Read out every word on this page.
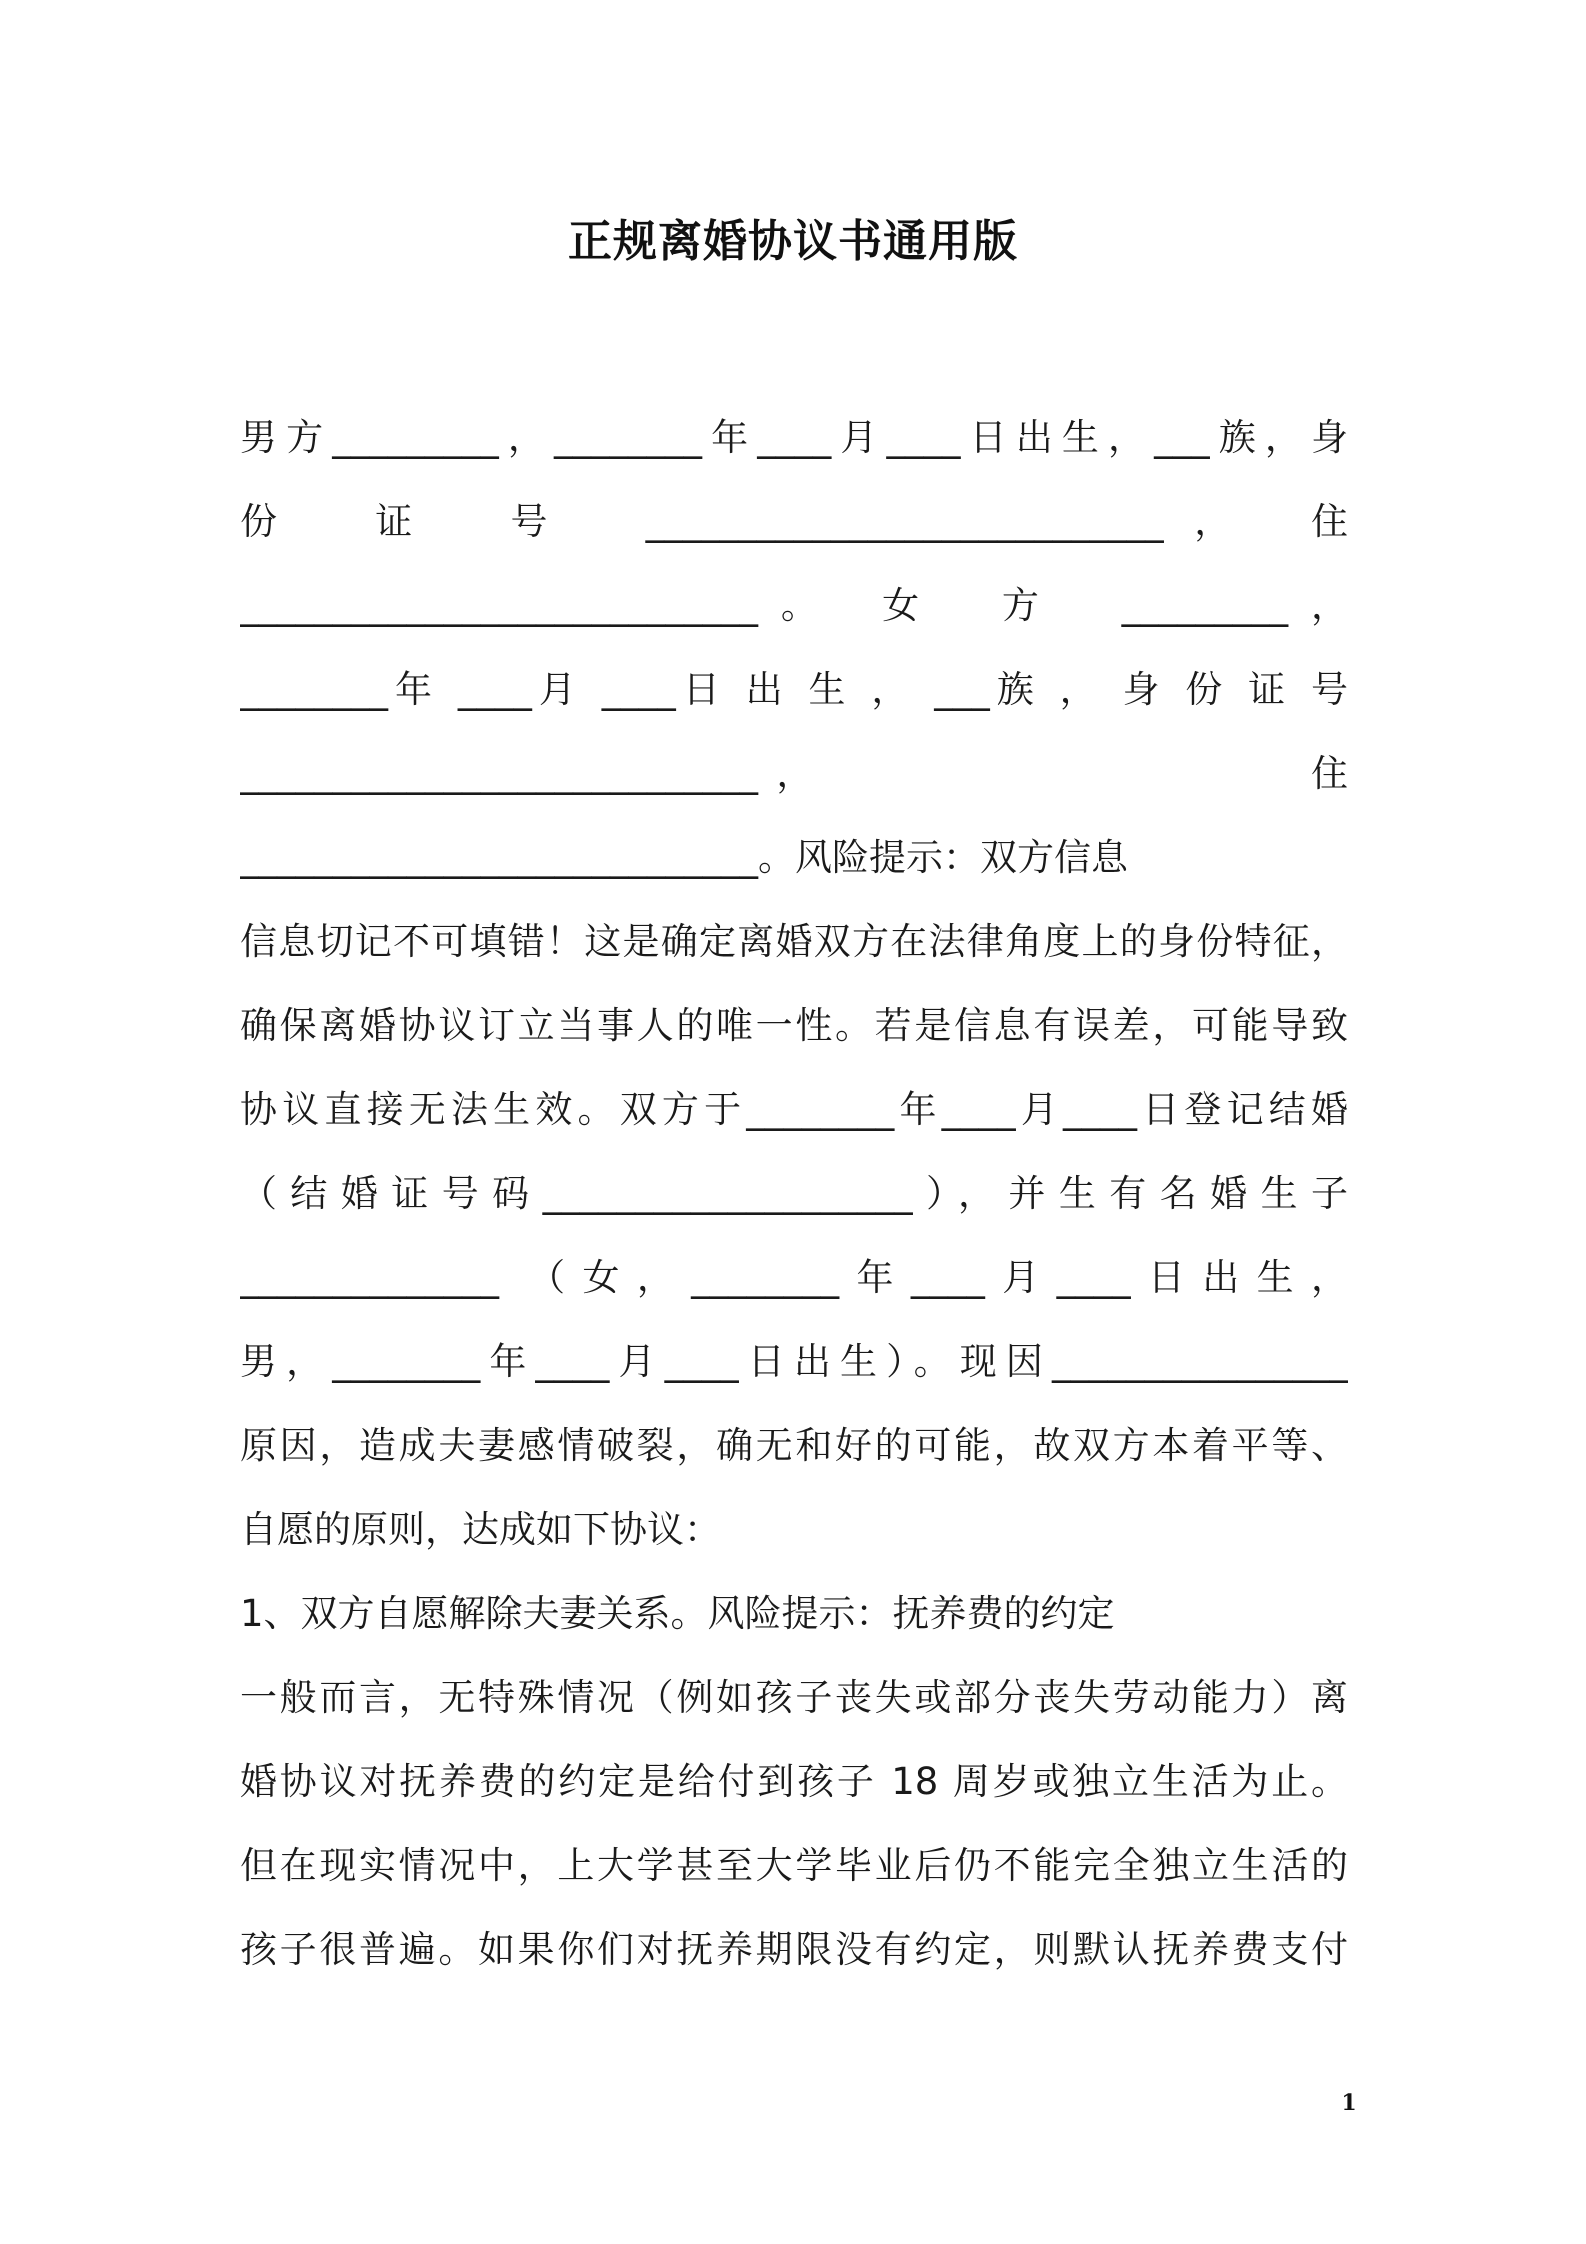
正规离婚协议书通用版
男方_________，________年____月____日出生，___族，身
份　证　号　____________________________，　住
____________________________。　女　方　_________，
________年 ____月 ____日 出 生 ， ___族 ， 身 份 证 号
____________________________，　　　　　　　　　住
____________________________。风险提示：双方信息
信息切记不可填错！这是确定离婚双方在法律角度上的身份特征，
确保离婚协议订立当事人的唯一性。若是信息有误差，可能导致
协议直接无法生效。双方于________年____月____日登记结婚
（结婚证号码____________________），并生有名婚生子
______________ （女，________年____月____日出生，
男，________年____月____日出生）。现因________________
原因，造成夫妻感情破裂，确无和好的可能，故双方本着平等、
自愿的原则，达成如下协议：
1、双方自愿解除夫妻关系。风险提示：抚养费的约定
一般而言，无特殊情况（例如孩子丧失或部分丧失劳动能力）离
婚协议对抚养费的约定是给付到孩子 18 周岁或独立生活为止。
但在现实情况中，上大学甚至大学毕业后仍不能完全独立生活的
孩子很普遍。如果你们对抚养期限没有约定，则默认抚养费支付
1
